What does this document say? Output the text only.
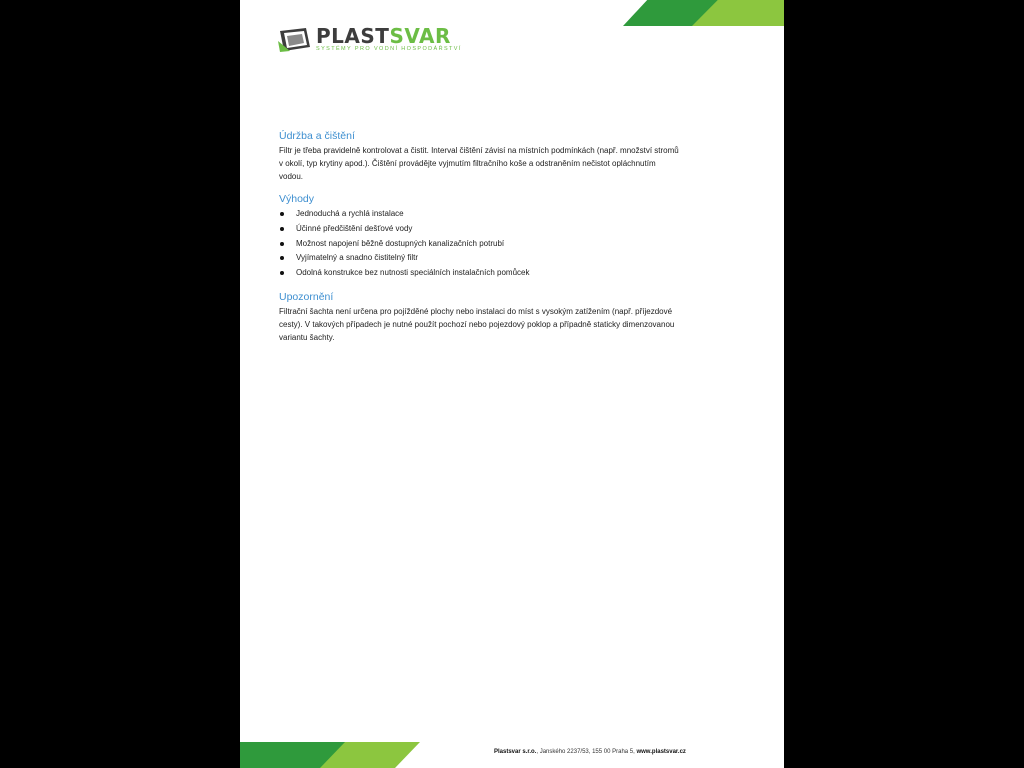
PLASTSVAR
SYSTÉMY PRO VODNÍ HOSPODÁŘSTVÍ
Údržba a čištění

Filtr je třeba pravidelně kontrolovat a čistit. Interval čištění závisí na místních podmínkách (např. množství stromů
v okolí, typ krytiny apod.). Čištění provádějte vyjmutím filtračního koše a odstraněním nečistot opláchnutím
vodou.

Výhody
Jednoduchá a rychlá instalace
Účinné předčištění dešťové vody
Možnost napojení běžně dostupných kanalizačních potrubí
Vyjímatelný a snadno čistitelný filtr
Odolná konstrukce bez nutnosti speciálních instalačních pomůcek
Upozornění

Filtrační šachta není určena pro pojížděné plochy nebo instalaci do míst s vysokým zatížením (např. příjezdové
cesty). V takových případech je nutné použít pochozí nebo pojezdový poklop a případně staticky dimenzovanou
variantu šachty.

Plastsvar s.r.o., Janského 2237/53, 155 00 Praha 5, www.plastsvar.cz
